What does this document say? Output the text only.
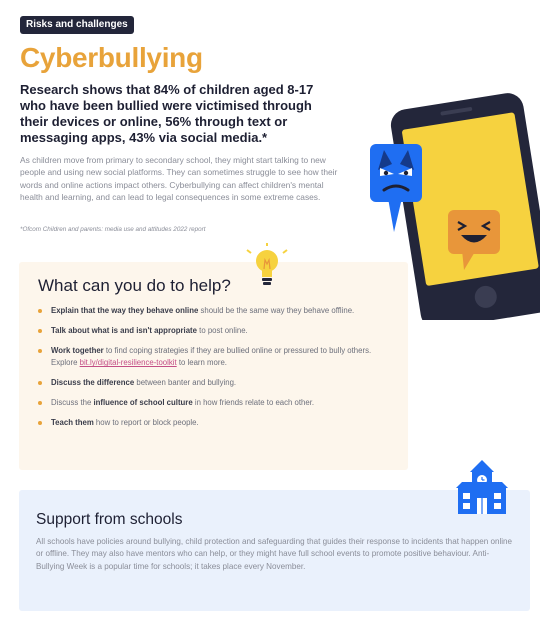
Risks and challenges
Cyberbullying

Research shows that 84% of children aged 8-17 who have been bullied were victimised through their devices or online, 56% through text or messaging apps, 43% via social media.*

As children move from primary to secondary school, they might start talking to new people and using new social platforms. They can sometimes struggle to see how their words and online actions impact others. Cyberbullying can affect children's mental health and learning, and can lead to legal consequences in some extreme cases.

*Ofcom Children and parents: media use and attitudes 2022 report

What can you do to help?
Explain that the way they behave online should be the same way they behave offline.
Talk about what is and isn't appropriate to post online.
Work together to find coping strategies if they are bullied online or pressured to bully others. Explore bit.ly/digital-resilience-toolkit to learn more.
Discuss the difference between banter and bullying.
Discuss the influence of school culture in how friends relate to each other.
Teach them how to report or block people.
Support from schools

All schools have policies around bullying, child protection and safeguarding that guides their response to incidents that happen online or offline. They may also have mentors who can help, or they might have full school events to promote positive behaviour. Anti-Bullying Week is a popular time for schools; it takes place every November.
